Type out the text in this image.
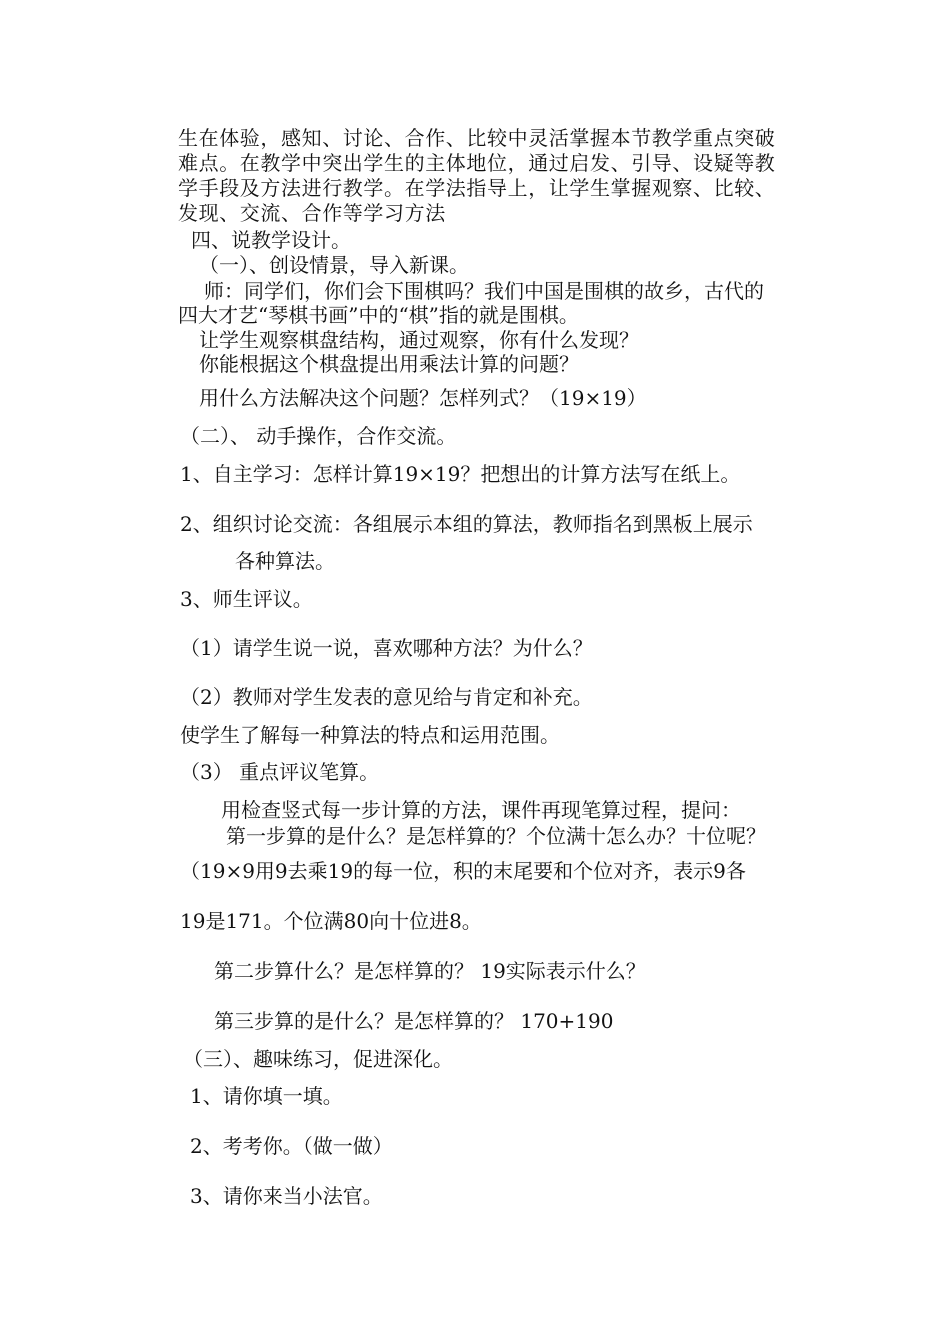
生在体验，感知、讨论、合作、比较中灵活掌握本节教学重点突破
难点。在教学中突出学生的主体地位，通过启发、引导、设疑等教
学手段及方法进行教学。在学法指导上，让学生掌握观察、比较、
发现、交流、合作等学习方法
四、说教学设计。
（一）、创设情景，导入新课。
师：同学们，你们会下围棋吗？我们中国是围棋的故乡，古代的
四大才艺“琴棋书画”中的“棋”指的就是围棋。
让学生观察棋盘结构，通过观察，你有什么发现？
你能根据这个棋盘提出用乘法计算的问题？
用什么方法解决这个问题？怎样列式？（19×19）
（二）、 动手操作，合作交流。
1、自主学习：怎样计算19×19？把想出的计算方法写在纸上。
2、组织讨论交流：各组展示本组的算法，教师指名到黑板上展示
各种算法。
3、师生评议。
（1）请学生说一说，喜欢哪种方法？为什么？
（2）教师对学生发表的意见给与肯定和补充。
使学生了解每一种算法的特点和运用范围。
（3） 重点评议笔算。
用检查竖式每一步计算的方法，课件再现笔算过程，提问：
第一步算的是什么？是怎样算的？个位满十怎么办？十位呢？
（19×9用9去乘19的每一位，积的末尾要和个位对齐，表示9各
19是171。个位满80向十位进8。
第二步算什么？是怎样算的？ 19实际表示什么？
第三步算的是什么？是怎样算的？ 170+190
（三）、趣味练习，促进深化。
1、请你填一填。
2、考考你。（做一做）
3、请你来当小法官。
